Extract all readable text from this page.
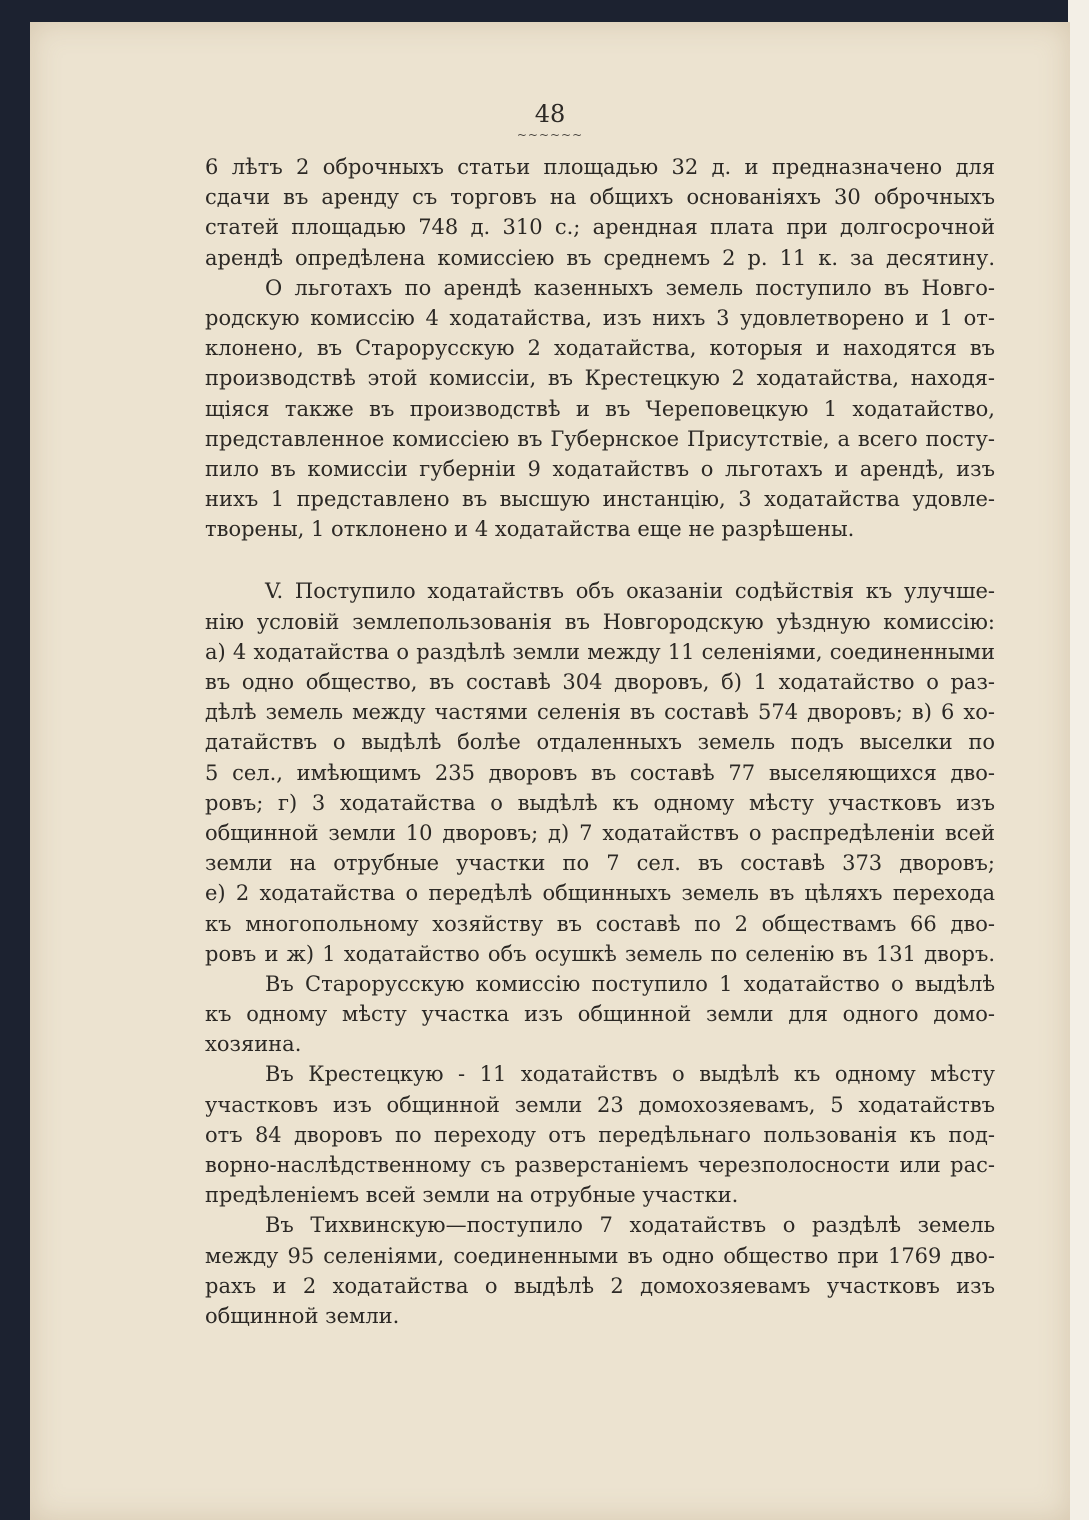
48
~~~~~~
6 лѣтъ 2 оброчныхъ статьи площадью 32 д. и предназначено для
сдачи въ аренду съ торговъ на общихъ основаніяхъ 30 оброчныхъ
статей площадью 748 д. 310 с.; арендная плата при долгосрочной
арендѣ опредѣлена комиссіею въ среднемъ 2 р. 11 к. за десятину.
О льготахъ по арендѣ казенныхъ земель поступило въ Новго-
родскую комиссію 4 ходатайства, изъ нихъ 3 удовлетворено и 1 от-
клонено, въ Старорусскую 2 ходатайства, которыя и находятся въ
производствѣ этой комиссіи, въ Крестецкую 2 ходатайства, находя-
щіяся также въ производствѣ и въ Череповецкую 1 ходатайство,
представленное комиссіею въ Губернское Присутствіе, а всего посту-
пило въ комиссіи губерніи 9 ходатайствъ о льготахъ и арендѣ, изъ
нихъ 1 представлено въ высшую инстанцію, 3 ходатайства удовле-
творены, 1 отклонено и 4 ходатайства еще не разрѣшены.
V. Поступило ходатайствъ объ оказаніи содѣйствія къ улучше-
нію условій землепользованія въ Новгородскую уѣздную комиссію:
а) 4 ходатайства о раздѣлѣ земли между 11 селеніями, соединенными
въ одно общество, въ составѣ 304 дворовъ, б) 1 ходатайство о раз-
дѣлѣ земель между частями селенія въ составѣ 574 дворовъ; в) 6 хо-
датайствъ о выдѣлѣ болѣе отдаленныхъ земель подъ выселки по
5 сел., имѣющимъ 235 дворовъ въ составѣ 77 выселяющихся дво-
ровъ; г) 3 ходатайства о выдѣлѣ къ одному мѣсту участковъ изъ
общинной земли 10 дворовъ; д) 7 ходатайствъ о распредѣленіи всей
земли на отрубные участки по 7 сел. въ составѣ 373 дворовъ;
е) 2 ходатайства о передѣлѣ общинныхъ земель въ цѣляхъ перехода
къ многопольному хозяйству въ составѣ по 2 обществамъ 66 дво-
ровъ и ж) 1 ходатайство объ осушкѣ земель по селенію въ 131 дворъ.
Въ Старорусскую комиссію поступило 1 ходатайство о выдѣлѣ
къ одному мѣсту участка изъ общинной земли для одного домо-
хозяина.
Въ Крестецкую - 11 ходатайствъ о выдѣлѣ къ одному мѣсту
участковъ изъ общинной земли 23 домохозяевамъ, 5 ходатайствъ
отъ 84 дворовъ по переходу отъ передѣльнаго пользованія къ под-
ворно-наслѣдственному съ разверстаніемъ черезполосности или рас-
предѣленіемъ всей земли на отрубные участки.
Въ Тихвинскую—поступило 7 ходатайствъ о раздѣлѣ земель
между 95 селеніями, соединенными въ одно общество при 1769 дво-
рахъ и 2 ходатайства о выдѣлѣ 2 домохозяевамъ участковъ изъ
общинной земли.
